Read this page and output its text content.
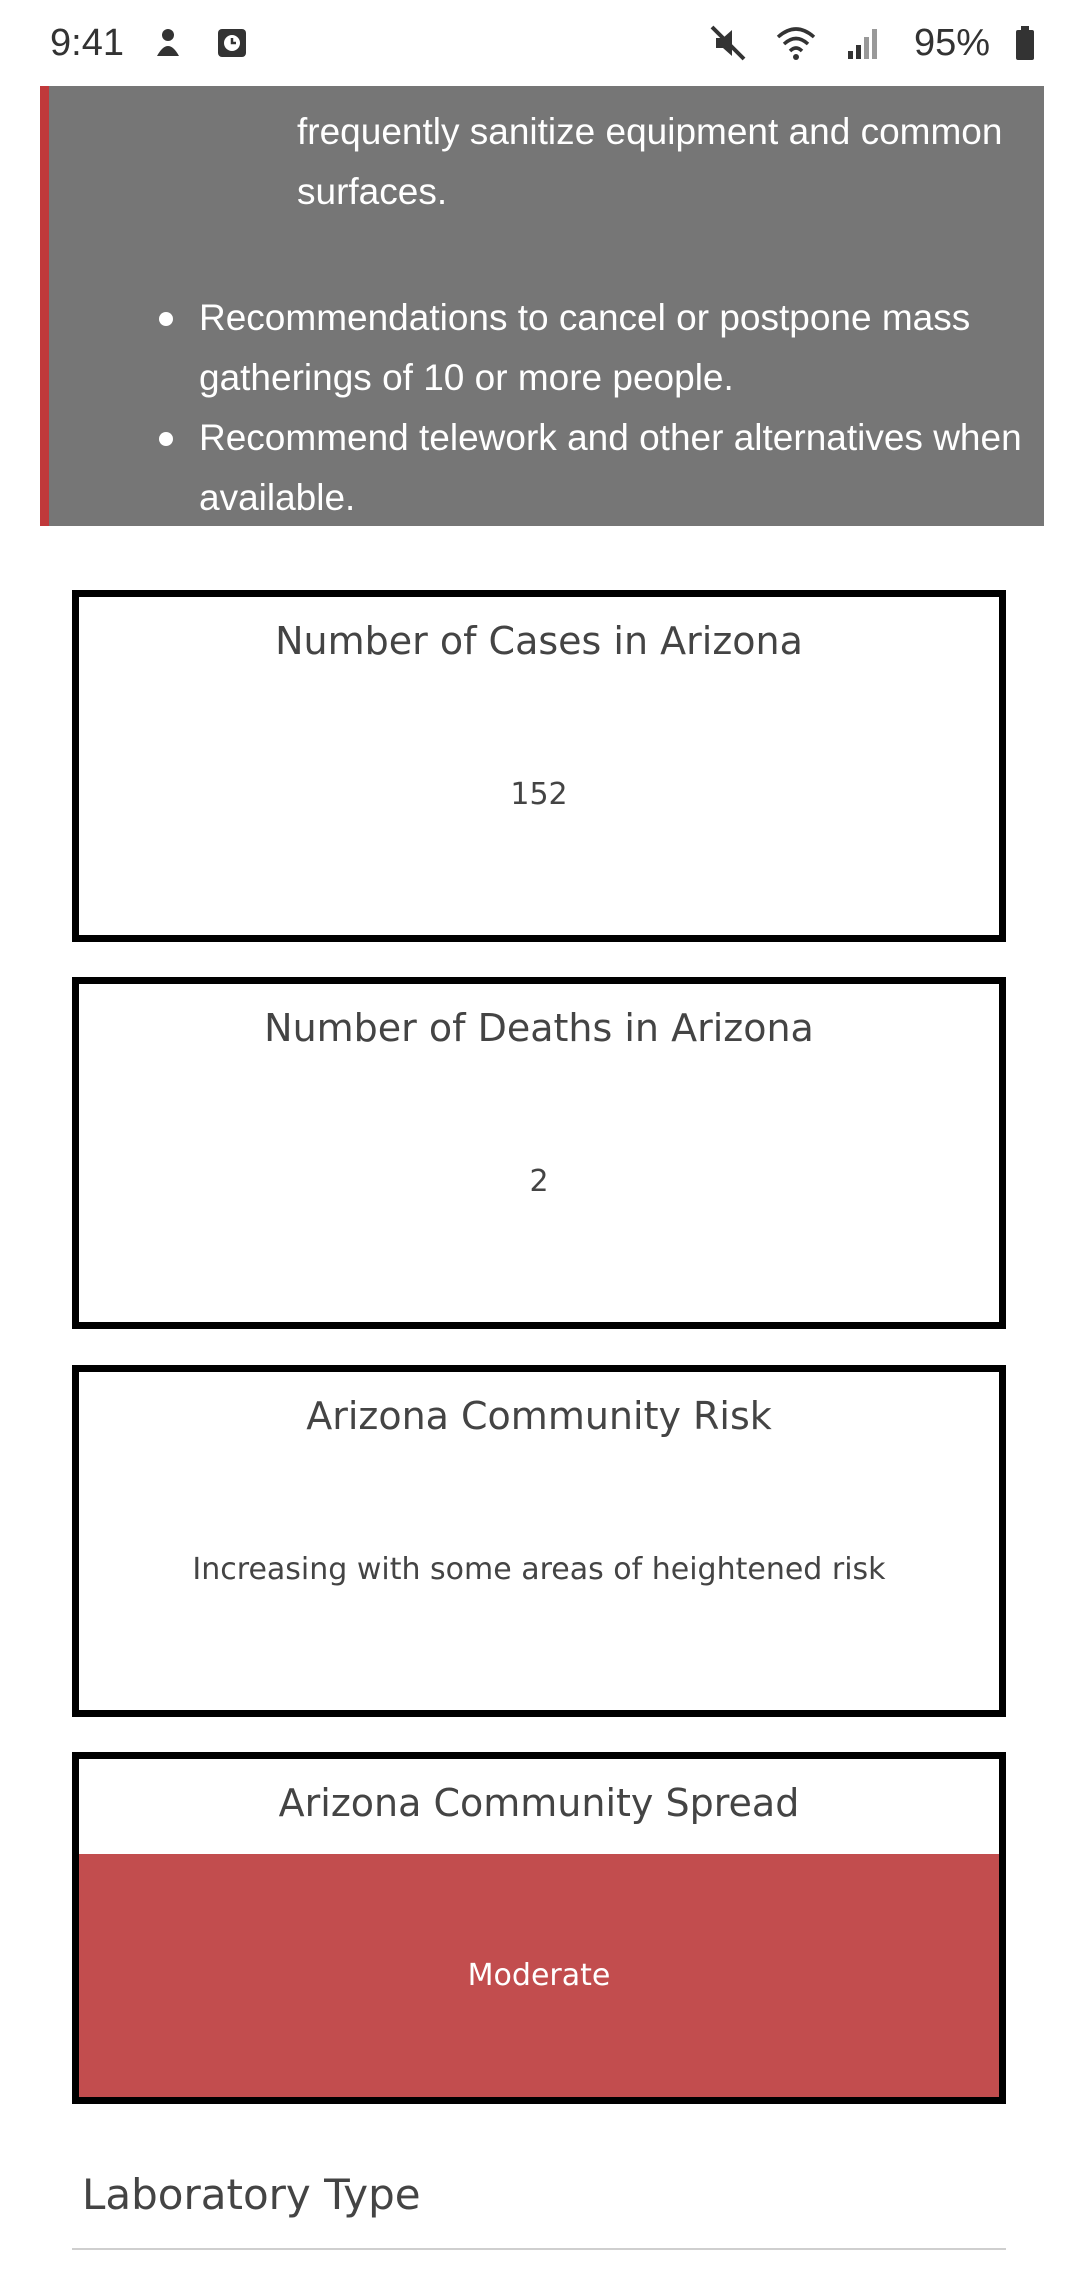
9:41	95%
frequently sanitize equipment and common surfaces.
Recommendations to cancel or postpone mass gatherings of 10 or more people.
Recommend telework and other alternatives when available.
Number of Cases in Arizona
152
Number of Deaths in Arizona
2
Arizona Community Risk
Increasing with some areas of heightened risk
Arizona Community Spread
Moderate
Laboratory Type
